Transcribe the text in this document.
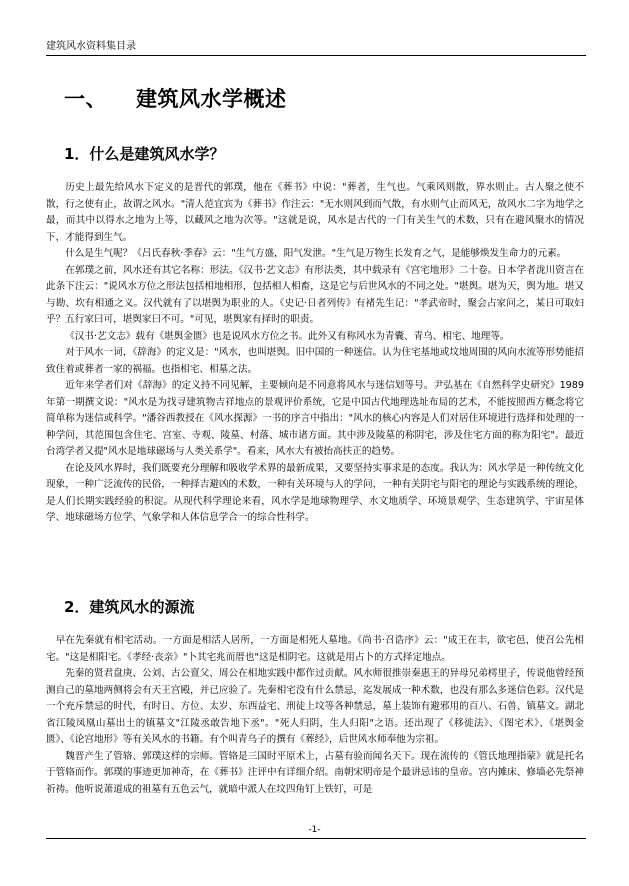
建筑风水资料集目录
一、 建筑风水学概述
1．什么是建筑风水学？

历史上最先给风水下定义的是晋代的郭璞，他在《葬书》中说："葬者，生气也。气乘风则散，界水则止。古人聚之使不散，行之使有止，故谓之风水。"清人范宜宾为《葬书》作注云："无水则风到而气散，有水则气止而风无，故风水二字为地学之最，而其中以得水之地为上等，以藏风之地为次等。"这就是说，风水是古代的一门有关生气的术数，只有在避风聚水的情况下，才能得到生气。

什么是生气呢？《吕氏春秋·季春》云："生气方盛，阳气发泄。"生气是万物生长发育之气，是能够焕发生命力的元素。

在郭璞之前，风水还有其它名称：形法。《汉书·艺文志》有形法类，其中载录有《宫宅地形》二十卷。日本学者泷川资言在此条下注云："说风水方位之形法包括相地相形，包括相人相畜，这是它与后世风水的不同之处。"堪舆。堪为天，舆为地。堪又与勘、坎有相通之义。汉代就有了以堪舆为职业的人。《史记·日者列传》有褚先生记："孝武帝时，聚会占家问之，某日可取妇乎？五行家曰可，堪舆家曰不可。"可见，堪舆家有择时的职责。

《汉书·艺文志》载有《堪舆金匮》也是说风水方位之书。此外又有称风水为青囊、青乌、相宅、地理等。

对于风水一词，《辞海》的定义是："风水，也叫堪舆。旧中国的一种迷信。认为住宅基地或坟地周围的风向水流等形势能招致住着或葬者一家的祸福。也指相宅、相墓之法。

近年来学者们对《辞海》的定义持不同见解，主要倾向是不同意将风水与迷信划等号。尹弘基在《自然科学史研究》1989年第一期撰文说："风水是为找寻建筑物吉祥地点的景观评价系统，它是中国古代地理选址布局的艺术，不能按照西方概念将它简单称为迷信或科学。"潘谷西教授在《风水探源》一书的序言中指出："风水的核心内容是人们对居住环境进行选择和处理的一种学问，其范围包含住宅、宫室、寺观、陵墓、村落、城市诸方面。其中涉及陵墓的称阴宅，涉及住宅方面的称为阳宅"。最近台湾学者又提"风水是地球磁场与人类关系学"。看来，风水大有被抬高扶正的趋势。

在论及风水界时，我们既要充分理解和吸收学术界的最新成果，又要坚持实事求是的态度。我认为：风水学是一种传统文化现象，一种广泛流传的民俗，一种择吉避凶的术数，一种有关环境与人的学问，一种有关阴宅与阳宅的理论与实践系统的理论，是人们长期实践经验的积淀。从现代科学理论来看，风水学是地球物理学、水文地质学、环境景观学、生态建筑学、宇宙星体学、地球磁场方位学、气象学和人体信息学合一的综合性科学。

2．建筑风水的源流

早在先秦就有相宅活动。一方面是相活人居所，一方面是相死人墓地。《尚书·召诰序》云："成王在丰，欲宅邑，使召公先相宅。"这是相阳宅。《孝经·丧亲》"卜其宅兆而厝也"这是相阴宅。这就是用占卜的方式择定地点。

先秦的贤君盘庚、公刘、古公亶父、周公在相地实践中都作过贡献。风水师很推崇秦惠王的异母兄弟樗里子，传说他曾经预测自己的墓地两侧将会有天王宫殿，并已应验了。先秦相宅没有什么禁忌，迄发展成一种术数，也没有那么多迷信色彩。汉代是一个充斥禁忌的时代，有时日、方位、太岁、东西益宅、刑徒上坟等各种禁忌，墓上装饰有避邪用的百八、石兽、镇墓文。湖北省江陵凤凰山墓出土的镇墓文"江陵丞敢告地下丞"。"死人归阴，生人归阳"之语。还出现了《移徙法》、《图宅术》、《堪舆金匮》、《论宫地形》等有关风水的书籍。有个叫青乌子的撰有《葬经》，后世风水师奉他为宗祖。

魏晋产生了管辂、郭璞这样的宗师。管辂是三国时平原术上，占墓有验而闻名天下。现在流传的《管氏地理指蒙》就是托名于管辂而作。郭璞的事迹更加神奇，在《葬书》注评中有详细介绍。南朝宋明帝是个最讲忌讳的皇帝。宫内摊床、修墙必先祭神祈祷。他听说萧道成的祖墓有五色云气，就暗中派人在坟四角钉上铁钉，可是

-1-
